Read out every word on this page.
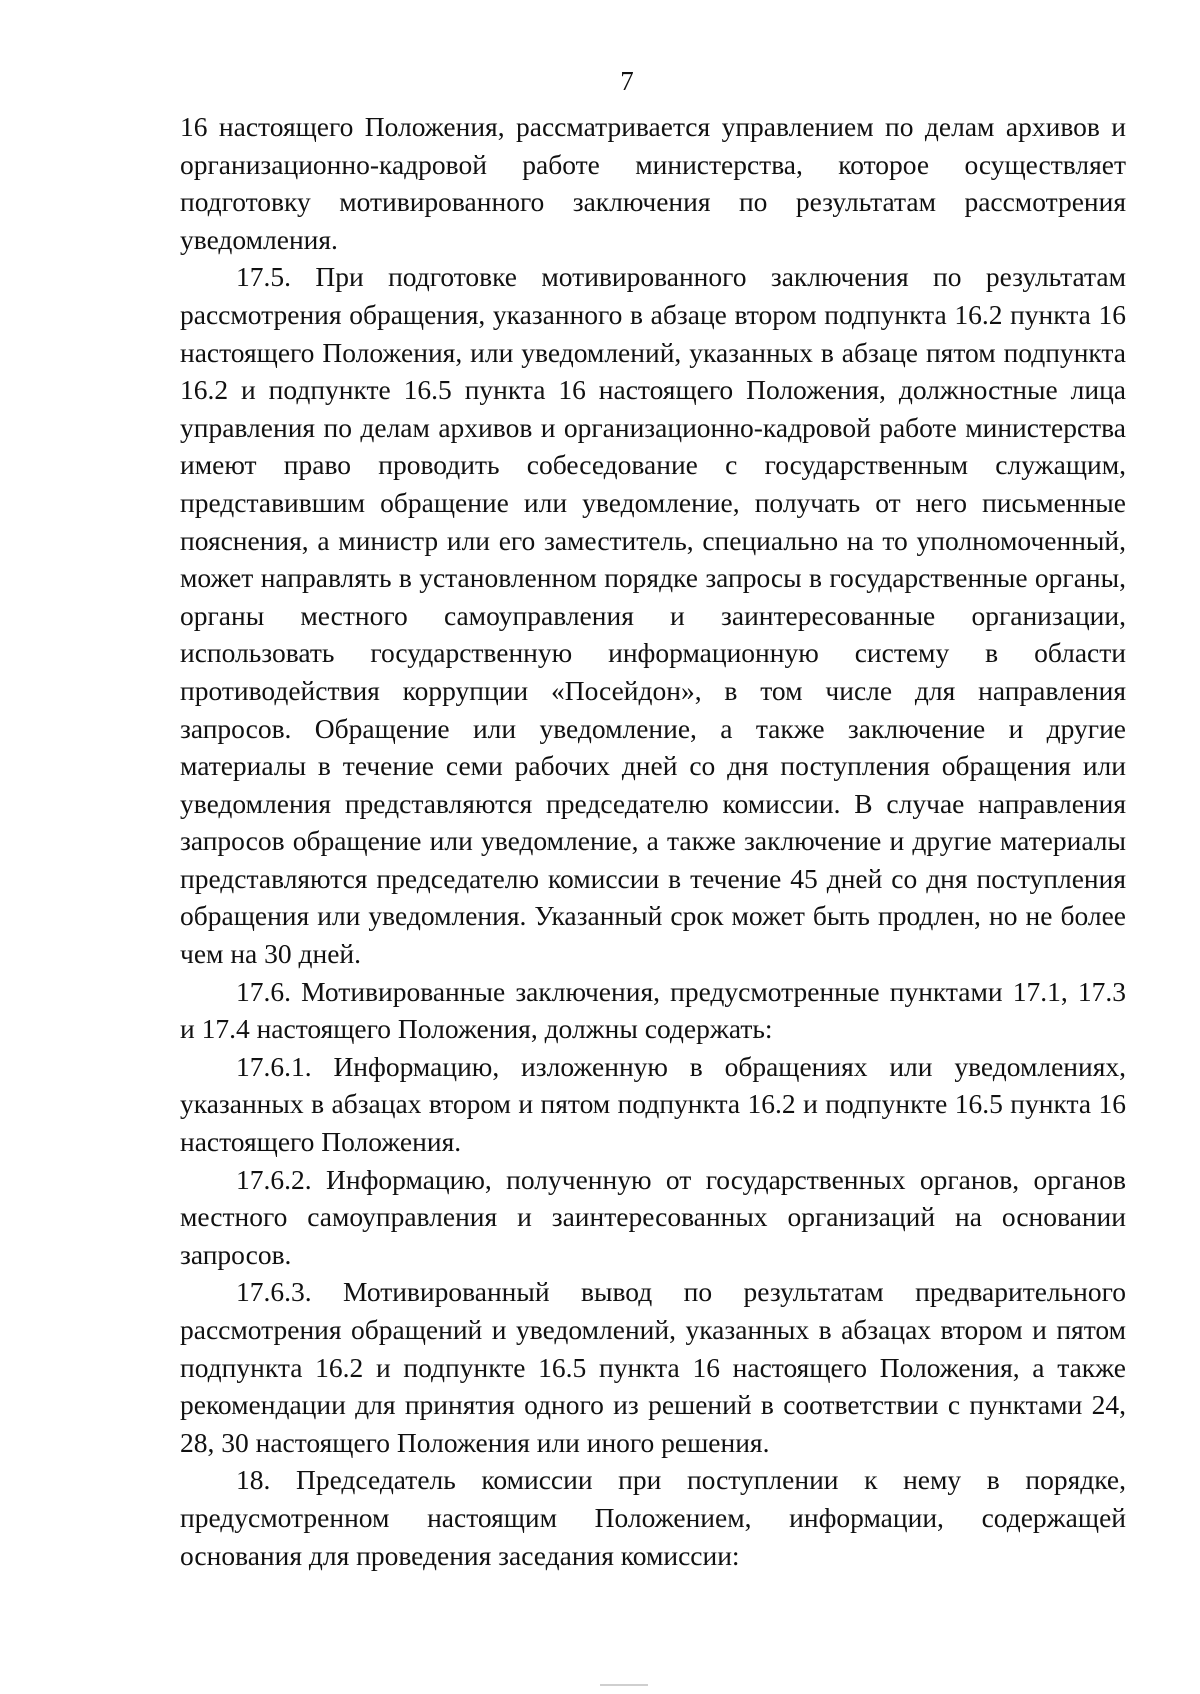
7

16 настоящего Положения, рассматривается управлением по делам архивов и организационно-кадровой работе министерства, которое осуществляет подготовку мотивированного заключения по результатам рассмотрения уведомления.

17.5. При подготовке мотивированного заключения по результатам рассмотрения обращения, указанного в абзаце втором подпункта 16.2 пункта 16 настоящего Положения, или уведомлений, указанных в абзаце пятом подпункта 16.2 и подпункте 16.5 пункта 16 настоящего Положения, должностные лица управления по делам архивов и организационно-кадровой работе министерства имеют право проводить собеседование с государственным служащим, представившим обращение или уведомление, получать от него письменные пояснения, а министр или его заместитель, специально на то уполномоченный, может направлять в установленном порядке запросы в государственные органы, органы местного самоуправления и заинтересованные организации, использовать государственную информационную систему в области противодействия коррупции «Посейдон», в том числе для направления запросов. Обращение или уведомление, а также заключение и другие материалы в течение семи рабочих дней со дня поступления обращения или уведомления представляются председателю комиссии. В случае направления запросов обращение или уведомление, а также заключение и другие материалы представляются председателю комиссии в течение 45 дней со дня поступления обращения или уведомления. Указанный срок может быть продлен, но не более чем на 30 дней.

17.6. Мотивированные заключения, предусмотренные пунктами 17.1, 17.3 и 17.4 настоящего Положения, должны содержать:

17.6.1. Информацию, изложенную в обращениях или уведомлениях, указанных в абзацах втором и пятом подпункта 16.2 и подпункте 16.5 пункта 16 настоящего Положения.

17.6.2. Информацию, полученную от государственных органов, органов местного самоуправления и заинтересованных организаций на основании запросов.

17.6.3. Мотивированный вывод по результатам предварительного рассмотрения обращений и уведомлений, указанных в абзацах втором и пятом подпункта 16.2 и подпункте 16.5 пункта 16 настоящего Положения, а также рекомендации для принятия одного из решений в соответствии с пунктами 24, 28, 30 настоящего Положения или иного решения.

18. Председатель комиссии при поступлении к нему в порядке, предусмотренном настоящим Положением, информации, содержащей основания для проведения заседания комиссии:
